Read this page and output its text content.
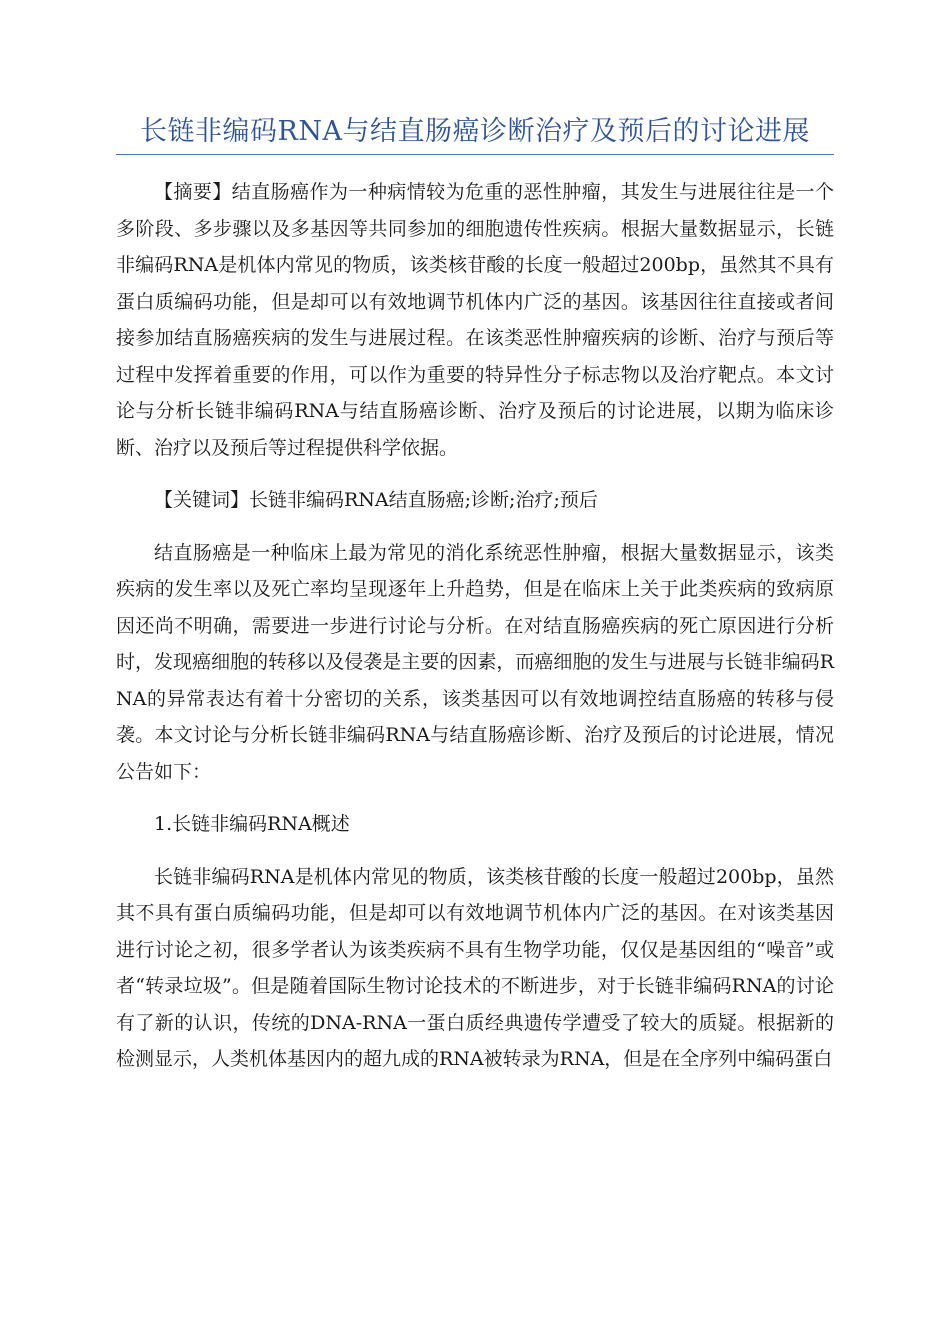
长链非编码RNA与结直肠癌诊断治疗及预后的讨论进展

【摘要】结直肠癌作为一种病情较为危重的恶性肿瘤，其发生与进展往往是一个多阶段、多步骤以及多基因等共同参加的细胞遗传性疾病。根据大量数据显示，长链非编码RNA是机体内常见的物质，该类核苷酸的长度一般超过200bp，虽然其不具有蛋白质编码功能，但是却可以有效地调节机体内广泛的基因。该基因往往直接或者间接参加结直肠癌疾病的发生与进展过程。在该类恶性肿瘤疾病的诊断、治疗与预后等过程中发挥着重要的作用，可以作为重要的特异性分子标志物以及治疗靶点。本文讨论与分析长链非编码RNA与结直肠癌诊断、治疗及预后的讨论进展，以期为临床诊断、治疗以及预后等过程提供科学依据。

【关键词】长链非编码RNA结直肠癌;诊断;治疗;预后

结直肠癌是一种临床上最为常见的消化系统恶性肿瘤，根据大量数据显示，该类疾病的发生率以及死亡率均呈现逐年上升趋势，但是在临床上关于此类疾病的致病原因还尚不明确，需要进一步进行讨论与分析。在对结直肠癌疾病的死亡原因进行分析时，发现癌细胞的转移以及侵袭是主要的因素，而癌细胞的发生与进展与长链非编码RNA的异常表达有着十分密切的关系，该类基因可以有效地调控结直肠癌的转移与侵袭。本文讨论与分析长链非编码RNA与结直肠癌诊断、治疗及预后的讨论进展，情况公告如下：

1.长链非编码RNA概述

长链非编码RNA是机体内常见的物质，该类核苷酸的长度一般超过200bp，虽然其不具有蛋白质编码功能，但是却可以有效地调节机体内广泛的基因。在对该类基因进行讨论之初，很多学者认为该类疾病不具有生物学功能，仅仅是基因组的“噪音”或者“转录垃圾”。但是随着国际生物讨论技术的不断进步，对于长链非编码RNA的讨论有了新的认识，传统的DNA-RNA一蛋白质经典遗传学遭受了较大的质疑。根据新的检测显示，人类机体基因内的超九成的RNA被转录为RNA，但是在全序列中编码蛋白
